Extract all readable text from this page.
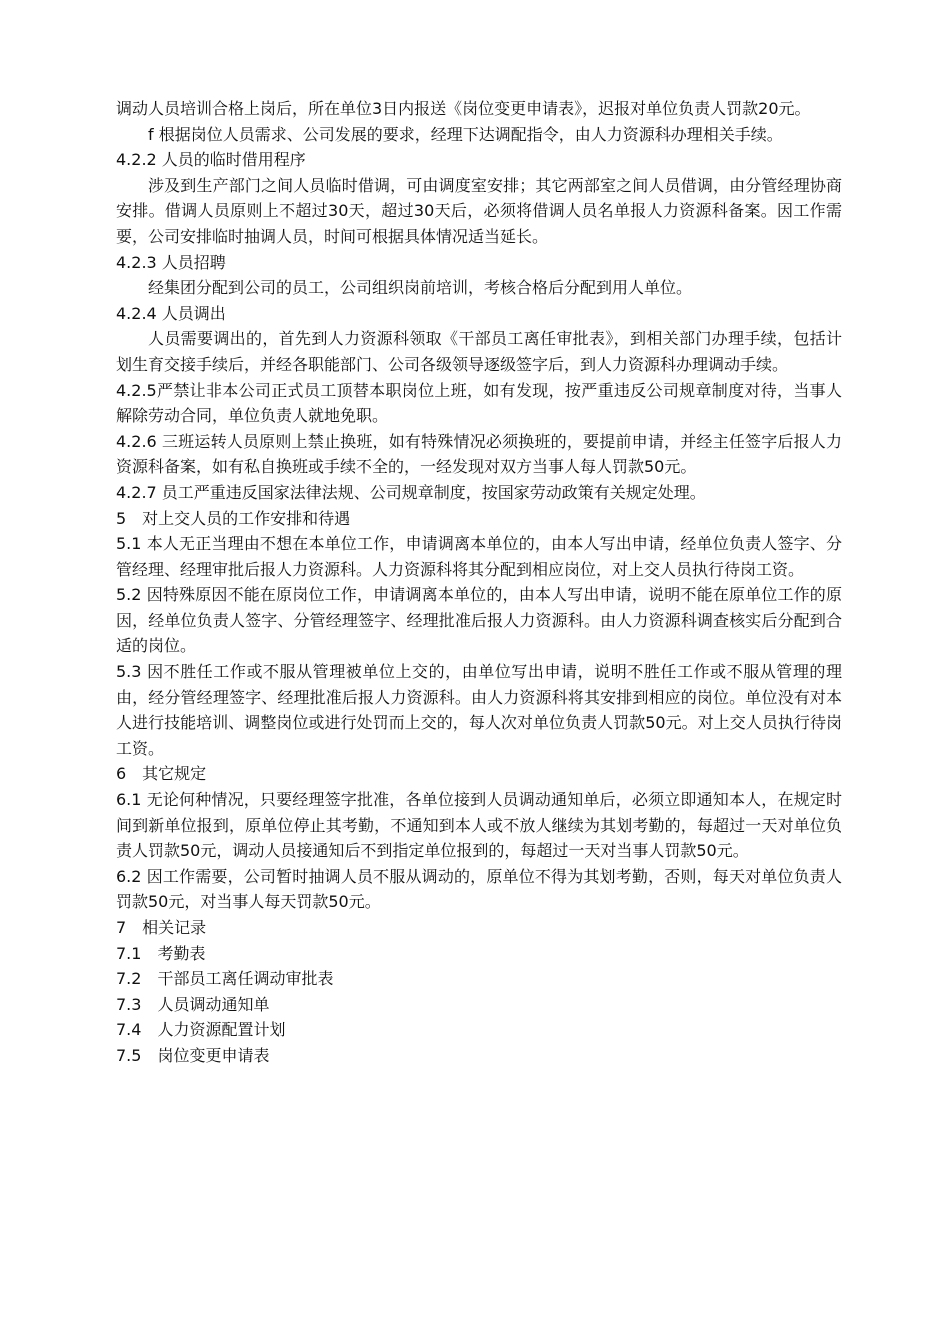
调动人员培训合格上岗后，所在单位3日内报送《岗位变更申请表》，迟报对单位负责人罚款20元。

f 根据岗位人员需求、公司发展的要求，经理下达调配指令，由人力资源科办理相关手续。

4.2.2 人员的临时借用程序

涉及到生产部门之间人员临时借调，可由调度室安排；其它两部室之间人员借调，由分管经理协商安排。借调人员原则上不超过30天，超过30天后，必须将借调人员名单报人力资源科备案。因工作需要，公司安排临时抽调人员，时间可根据具体情况适当延长。

4.2.3 人员招聘

经集团分配到公司的员工，公司组织岗前培训，考核合格后分配到用人单位。

4.2.4 人员调出

人员需要调出的，首先到人力资源科领取《干部员工离任审批表》，到相关部门办理手续，包括计划生育交接手续后，并经各职能部门、公司各级领导逐级签字后，到人力资源科办理调动手续。

4.2.5严禁让非本公司正式员工顶替本职岗位上班，如有发现，按严重违反公司规章制度对待，当事人解除劳动合同，单位负责人就地免职。

4.2.6 三班运转人员原则上禁止换班，如有特殊情况必须换班的，要提前申请，并经主任签字后报人力资源科备案，如有私自换班或手续不全的，一经发现对双方当事人每人罚款50元。

4.2.7 员工严重违反国家法律法规、公司规章制度，按国家劳动政策有关规定处理。

5　对上交人员的工作安排和待遇

5.1 本人无正当理由不想在本单位工作，申请调离本单位的，由本人写出申请，经单位负责人签字、分管经理、经理审批后报人力资源科。人力资源科将其分配到相应岗位，对上交人员执行待岗工资。

5.2 因特殊原因不能在原岗位工作，申请调离本单位的，由本人写出申请，说明不能在原单位工作的原因，经单位负责人签字、分管经理签字、经理批准后报人力资源科。由人力资源科调查核实后分配到合适的岗位。

5.3 因不胜任工作或不服从管理被单位上交的，由单位写出申请，说明不胜任工作或不服从管理的理由，经分管经理签字、经理批准后报人力资源科。由人力资源科将其安排到相应的岗位。单位没有对本人进行技能培训、调整岗位或进行处罚而上交的，每人次对单位负责人罚款50元。对上交人员执行待岗工资。

6　其它规定

6.1 无论何种情况，只要经理签字批准，各单位接到人员调动通知单后，必须立即通知本人，在规定时间到新单位报到，原单位停止其考勤，不通知到本人或不放人继续为其划考勤的，每超过一天对单位负责人罚款50元，调动人员接通知后不到指定单位报到的，每超过一天对当事人罚款50元。

6.2 因工作需要，公司暂时抽调人员不服从调动的，原单位不得为其划考勤，否则，每天对单位负责人罚款50元，对当事人每天罚款50元。

7　相关记录

7.1　考勤表

7.2　干部员工离任调动审批表

7.3　人员调动通知单

7.4　人力资源配置计划

7.5　岗位变更申请表
